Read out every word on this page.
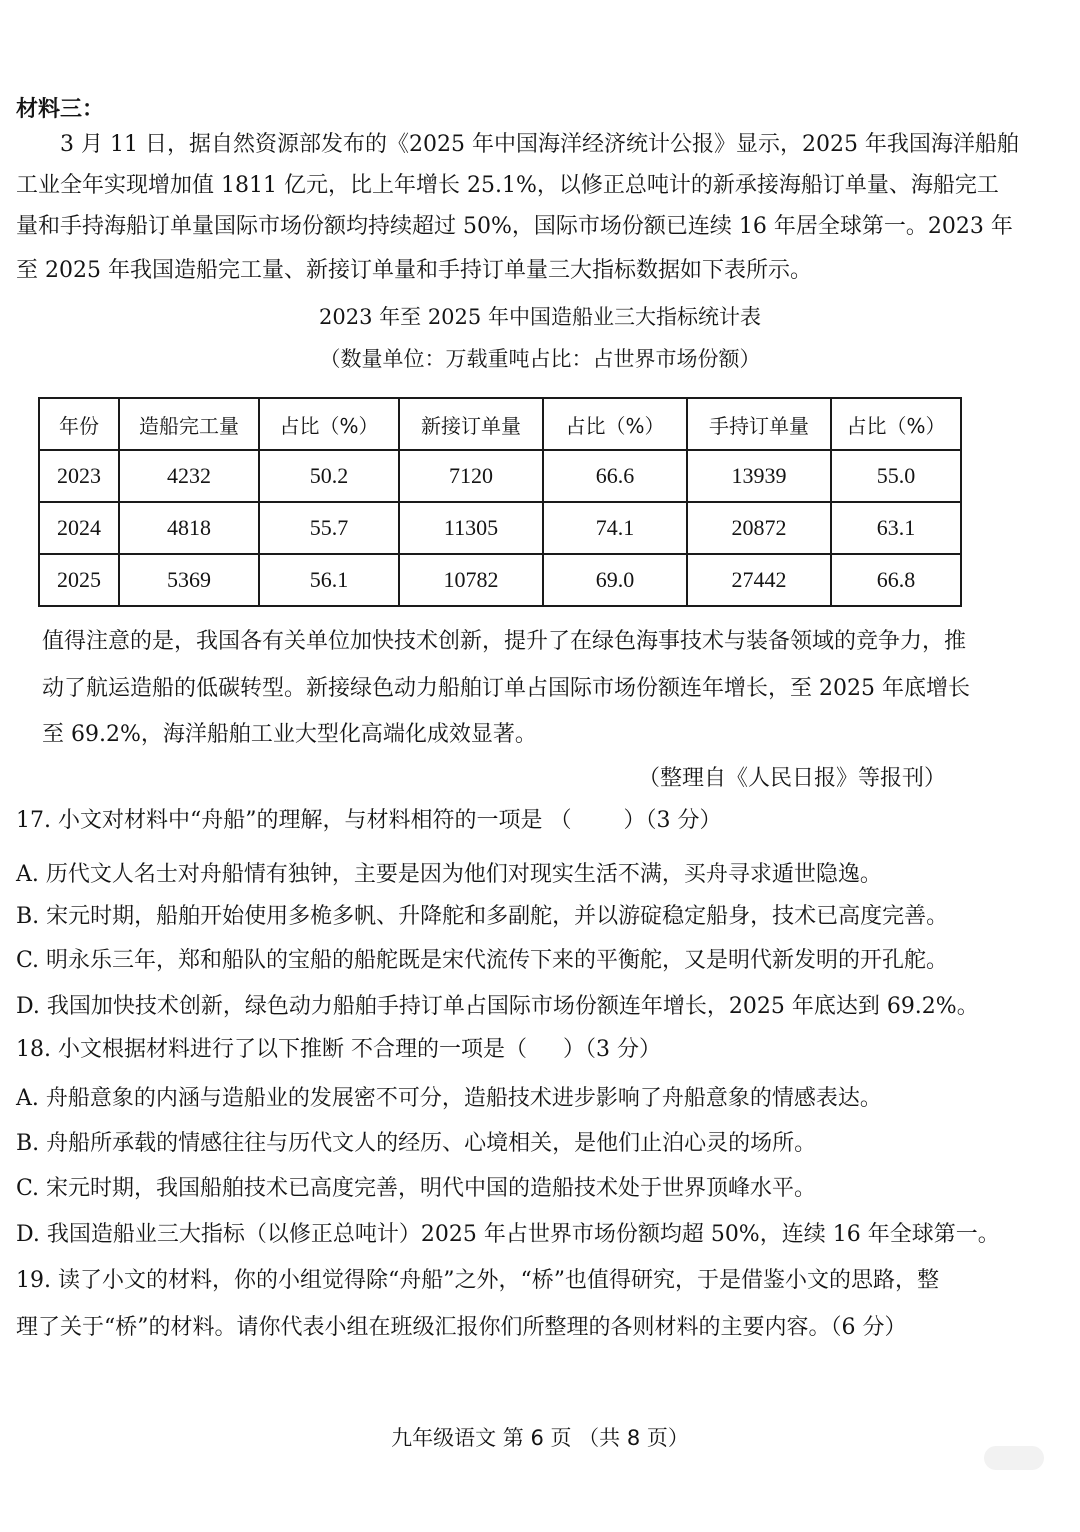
材料三：
3 月 11 日，据自然资源部发布的《2025 年中国海洋经济统计公报》显示，2025 年我国海洋船舶
工业全年实现增加值 1811 亿元，比上年增长 25.1%，以修正总吨计的新承接海船订单量、海船完工
量和手持海船订单量国际市场份额均持续超过 50%，国际市场份额已连续 16 年居全球第一。2023 年
至 2025 年我国造船完工量、新接订单量和手持订单量三大指标数据如下表所示。
2023 年至 2025 年中国造船业三大指标统计表
（数量单位：万载重吨占比：占世界市场份额）
年份	造船完工量	占比（%）	新接订单量	占比（%）	手持订单量	占比（%）
2023	4232	50.2	7120	66.6	13939	55.0
2024	4818	55.7	11305	74.1	20872	63.1
2025	5369	56.1	10782	69.0	27442	66.8
值得注意的是，我国各有关单位加快技术创新，提升了在绿色海事技术与装备领域的竞争力，推
动了航运造船的低碳转型。新接绿色动力船舶订单占国际市场份额连年增长，至 2025 年底增长
至 69.2%，海洋船舶工业大型化高端化成效显著。
（整理自《人民日报》等报刊）
17. 小文对材料中“舟船”的理解，与材料相符的一项是 （ ）（3 分）
A. 历代文人名士对舟船情有独钟，主要是因为他们对现实生活不满，买舟寻求遁世隐逸。
B. 宋元时期，船舶开始使用多桅多帆、升降舵和多副舵，并以游碇稳定船身，技术已高度完善。
C. 明永乐三年，郑和船队的宝船的船舵既是宋代流传下来的平衡舵，又是明代新发明的开孔舵。
D. 我国加快技术创新，绿色动力船舶手持订单占国际市场份额连年增长，2025 年底达到 69.2%。
18. 小文根据材料进行了以下推断 不合理的一项是（ ）（3 分）
A. 舟船意象的内涵与造船业的发展密不可分，造船技术进步影响了舟船意象的情感表达。
B. 舟船所承载的情感往往与历代文人的经历、心境相关，是他们止泊心灵的场所。
C. 宋元时期，我国船舶技术已高度完善，明代中国的造船技术处于世界顶峰水平。
D. 我国造船业三大指标（以修正总吨计）2025 年占世界市场份额均超 50%，连续 16 年全球第一。
19. 读了小文的材料，你的小组觉得除“舟船”之外，“桥”也值得研究，于是借鉴小文的思路，整
理了关于“桥”的材料。请你代表小组在班级汇报你们所整理的各则材料的主要内容。（6 分）
九年级语文 第 6 页 （共 8 页）
